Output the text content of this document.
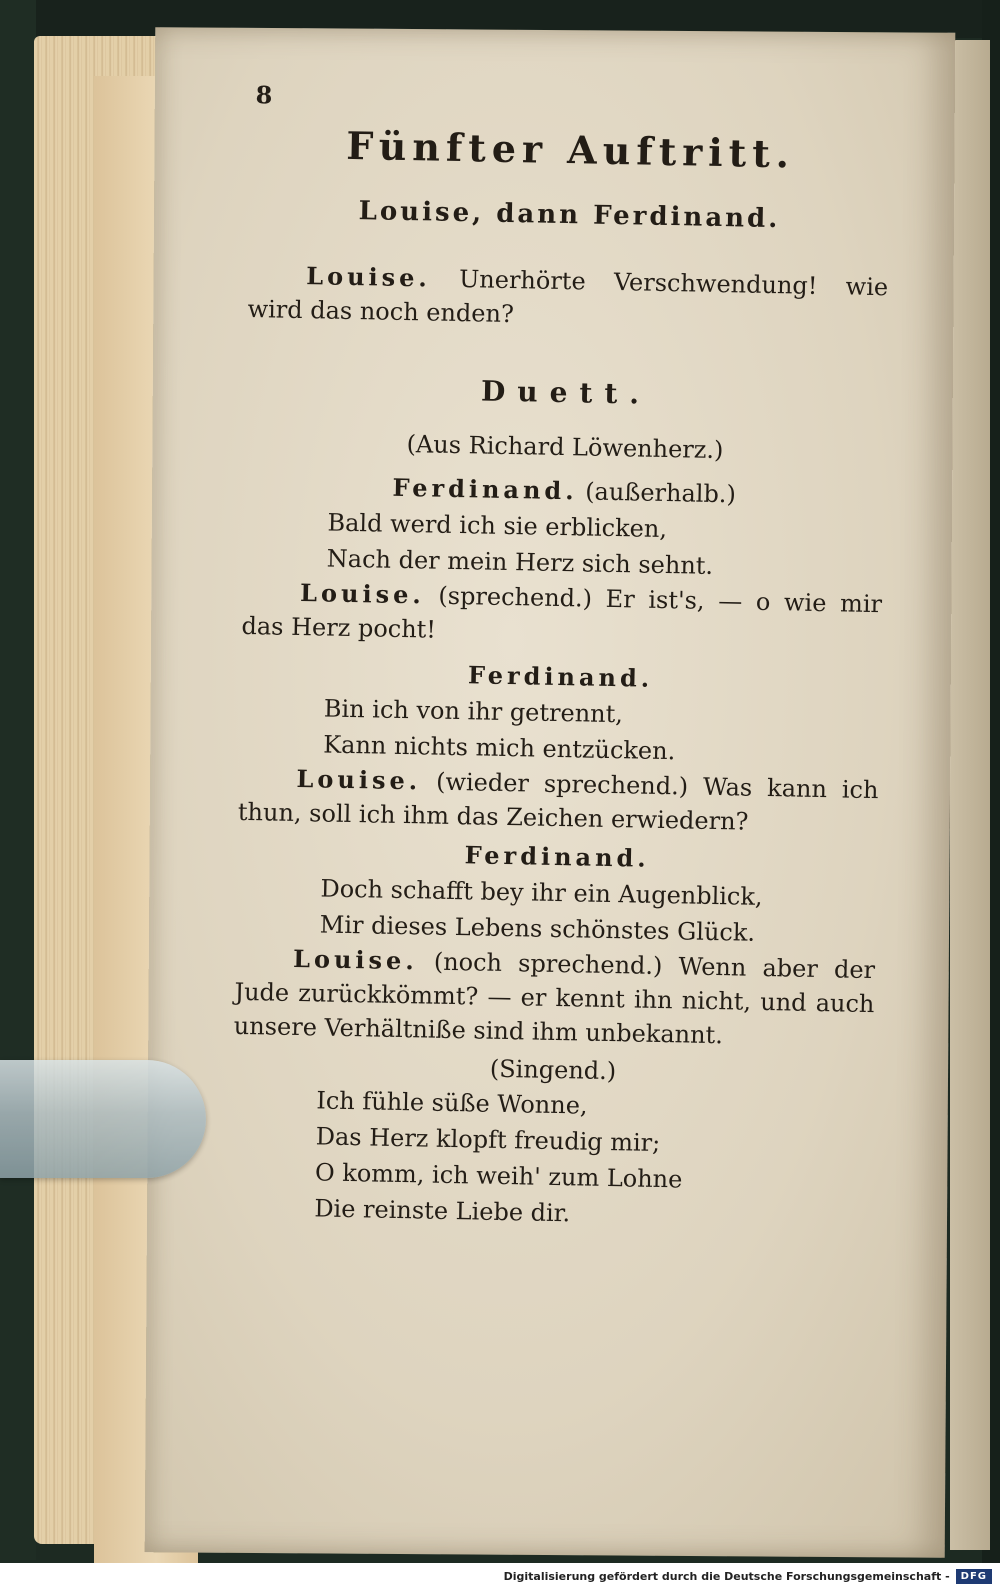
8
Fünfter Auftritt.
Louise, dann Ferdinand.
Louise. Unerhörte Verschwendung! wie wird das noch enden?
Duett.
(Aus Richard Löwenherz.)
Ferdinand. (außerhalb.)
Bald werd ich sie erblicken,
Nach der mein Herz sich sehnt.
Louise. (sprechend.) Er ist's, — o wie mir das Herz pocht!
Ferdinand.
Bin ich von ihr getrennt,
Kann nichts mich entzücken.
Louise. (wieder sprechend.) Was kann ich thun, soll ich ihm das Zeichen erwiedern?
Ferdinand.
Doch schafft bey ihr ein Augenblick,
Mir dieses Lebens schönstes Glück.
Louise. (noch sprechend.) Wenn aber der Jude zurückkömmt? — er kennt ihn nicht, und auch unsere Verhältniße sind ihm unbekannt.
(Singend.)
Ich fühle süße Wonne,
Das Herz klopft freudig mir;
O komm, ich weih' zum Lohne
Die reinste Liebe dir.
Digitalisierung gefördert durch die Deutsche Forschungsgemeinschaft -	DFG
